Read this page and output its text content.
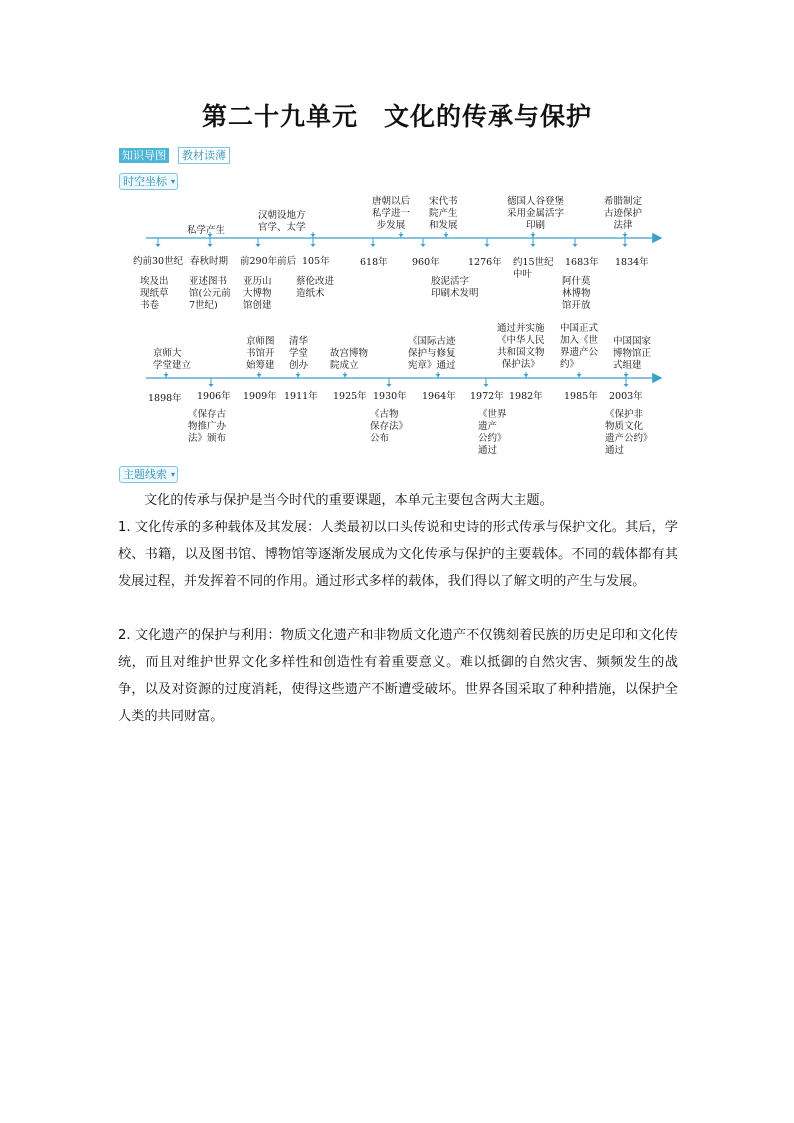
第二十九单元　文化的传承与保护
知识导图	教材读薄
时空坐标 ▾
私学产生
汉朝设地方
官学、太学
唐朝以后
私学进一
步发展
宋代书
院产生
和发展
德国人谷登堡
采用金属活字
印刷
希腊制定
古迹保护
法律
约前30世纪 春秋时期 前290年前后 105年	618年	960年	1276年 约15世纪
中叶
1683年 1834年
埃及出
现纸草
书卷
亚述图书
馆(公元前
7世纪)
亚历山
大博物
馆创建
蔡伦改进
造纸术
胶泥活字
印刷术发明
阿什莫
林博物
馆开放
京师大
学堂建立
京师图
书馆开
始筹建
清华
学堂
创办
故宫博物
院成立
《国际古迹
保护与修复
宪章》通过
通过并实施
《中华人民
共和国文物
保护法》
中国正式
加入《世
界遗产公
约》
中国国家
博物馆正
式组建
1898年 1906年 1909年 1911年 1925年 1930年 1964年 1972年 1982年 1985年 2003年
《保存古
物推广办
法》颁布
《古物
保存法》
公布
《世界
遗产
公约》
通过
《保护非
物质文化
遗产公约》
通过
主题线索 ▾

文化的传承与保护是当今时代的重要课题，本单元主要包含两大主题。

1. 文化传承的多种载体及其发展：人类最初以口头传说和史诗的形式传承与保护文化。其后，学校、书籍，以及图书馆、博物馆等逐渐发展成为文化传承与保护的主要载体。不同的载体都有其发展过程，并发挥着不同的作用。通过形式多样的载体，我们得以了解文明的产生与发展。

2. 文化遗产的保护与利用：物质文化遗产和非物质文化遗产不仅镌刻着民族的历史足印和文化传统，而且对维护世界文化多样性和创造性有着重要意义。难以抵御的自然灾害、频频发生的战争，以及对资源的过度消耗，使得这些遗产不断遭受破坏。世界各国采取了种种措施，以保护全人类的共同财富。
